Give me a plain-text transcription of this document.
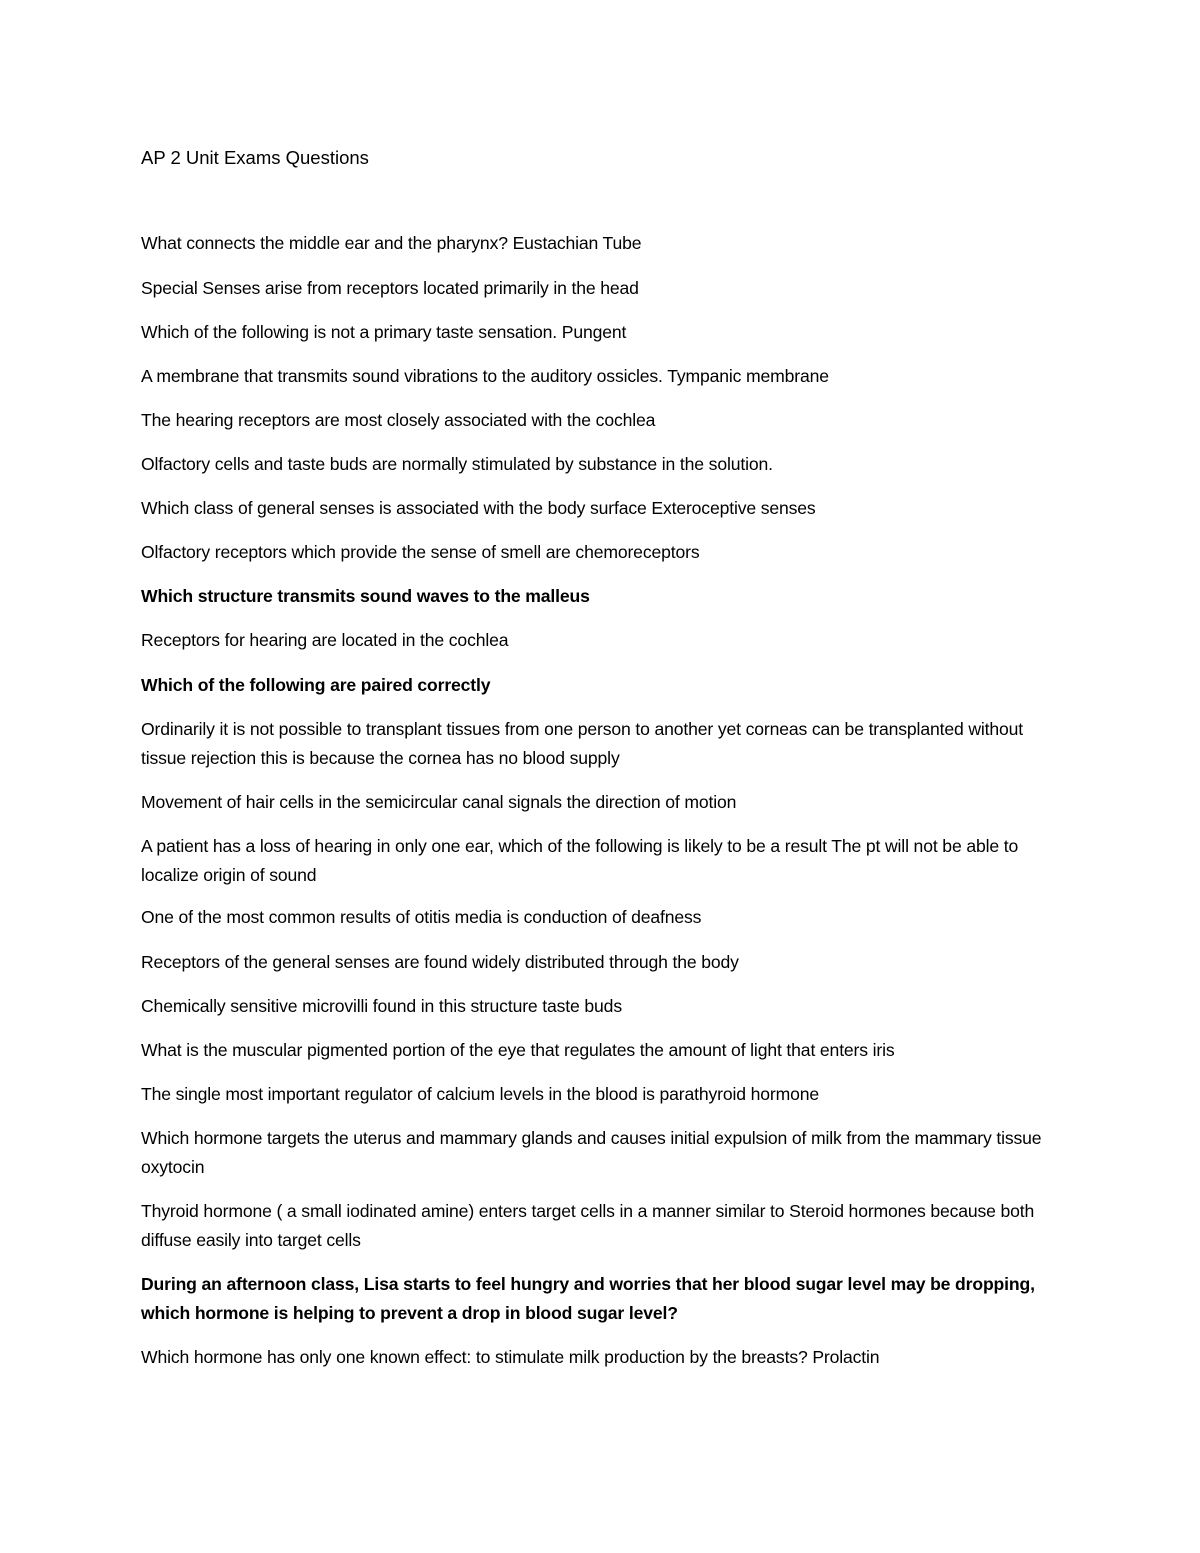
AP 2 Unit Exams Questions

What connects the middle ear and the pharynx? Eustachian Tube

Special Senses arise from receptors located primarily in the head

Which of the following is not a primary taste sensation. Pungent

A membrane that transmits sound vibrations to the auditory ossicles. Tympanic membrane

The hearing receptors are most closely associated with the cochlea

Olfactory cells and taste buds are normally stimulated by substance in the solution.

Which class of general senses is associated with the body surface Exteroceptive senses

Olfactory receptors which provide the sense of smell are chemoreceptors

Which structure transmits sound waves to the malleus

Receptors for hearing are located in the cochlea

Which of the following are paired correctly

Ordinarily it is not possible to transplant tissues from one person to another yet corneas can be transplanted without tissue rejection this is because the cornea has no blood supply

Movement of hair cells in the semicircular canal signals the direction of motion

A patient has a loss of hearing in only one ear, which of the following is likely to be a result The pt will not be able to localize origin of sound

One of the most common results of otitis media is conduction of deafness

Receptors of the general senses are found widely distributed through the body

Chemically sensitive microvilli found in this structure taste buds

What is the muscular pigmented portion of the eye that regulates the amount of light that enters iris

The single most important regulator of calcium levels in the blood is parathyroid hormone

Which hormone targets the uterus and mammary glands and causes initial expulsion of milk from the mammary tissue oxytocin

Thyroid hormone ( a small iodinated amine) enters target cells in a manner similar to Steroid hormones because both diffuse easily into target cells

During an afternoon class, Lisa starts to feel hungry and worries that her blood sugar level may be dropping, which hormone is helping to prevent a drop in blood sugar level?

Which hormone has only one known effect: to stimulate milk production by the breasts? Prolactin
